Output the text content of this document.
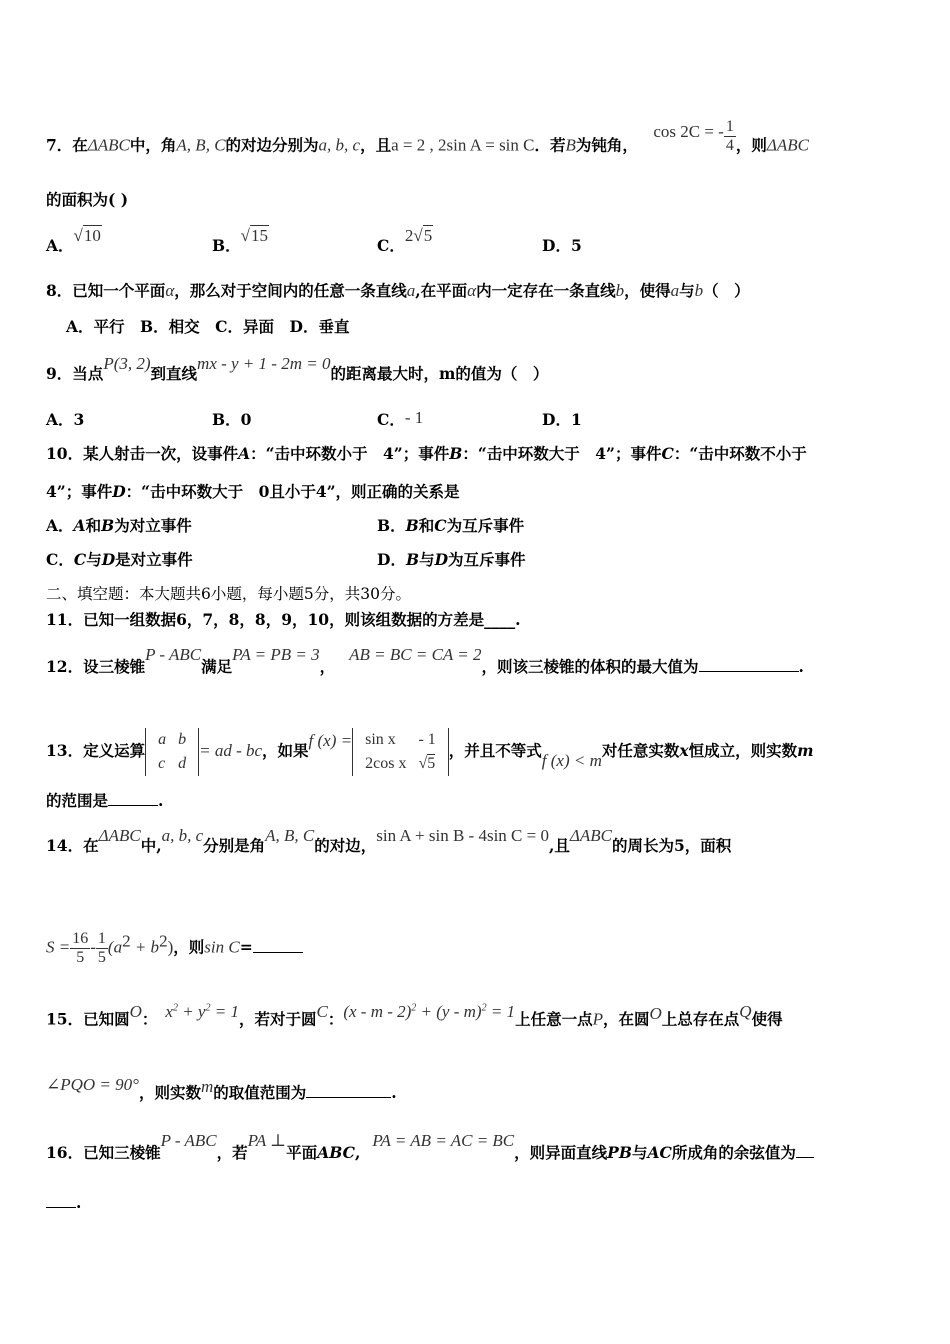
7．在ΔABC中，角A, B, C的对边分别为a, b, c，且a = 2 , 2sin A = sin C．若B为钝角， cos 2C = - $\frac{1}{4}$ ，则ΔABC
的面积为( )
A．√10
B．√15
C．2√5
D．5
8．已知一个平面α，那么对于空间内的任意一条直线a,在平面α内一定存在一条直线b，使得a与b（　）
A．平行　 B．相交　 C．异面　 D．垂直
9．当点P(3, 2)到直线mx - y + 1 - 2m = 0的距离最大时，m的值为（　）
A．3	B．0	C．- 1	D．1
10．某人射击一次，设事件A：“击中环数小于　4”；事件B：“击中环数大于　4”；事件C：“击中环数不小于
4”；事件D：“击中环数大于　0且小于4”，则正确的关系是
A．A和B为对立事件	B．B和C为互斥事件
C．C与D是对立事件	D．B与D为互斥事件
二、填空题：本大题共6小题，每小题5分，共30分。
11．已知一组数据6，7，8，8，9，10，则该组数据的方差是____.
12．设三棱锥P - ABC满足PA = PB = 3，AB = BC = CA = 2，则该三棱锥的体积的最大值为	.
13．定义运算
a	b
c	d
= ad - bc，如果f (x) = sin x	- 1
2cos x	√5
，并且不等式f (x) < m对任意实数x恒成立，则实数m
的范围是	.
14．在ΔABC中,a, b, c分别是角A, B, C的对边，sin A + sin B - 4sin C = 0,且ΔABC的周长为5，面积
$S = \frac{16}{5} - \frac{1}{5} (a^2 + b^2)$，则sin C=
15．已知圆O： $x^2 + y^2 = 1$，若对于圆C：(x - m - 2)$^2$ + (y - m)$^2$ = 1上任意一点P，在圆O上总存在点Q使得
∠PQO = 90°，则实数m的取值范围为	.
16．已知三棱锥P - ABC，若PA ⊥平面ABC,PA = AB = AC = BC，则异面直线PB与AC所成角的余弦值为
.
